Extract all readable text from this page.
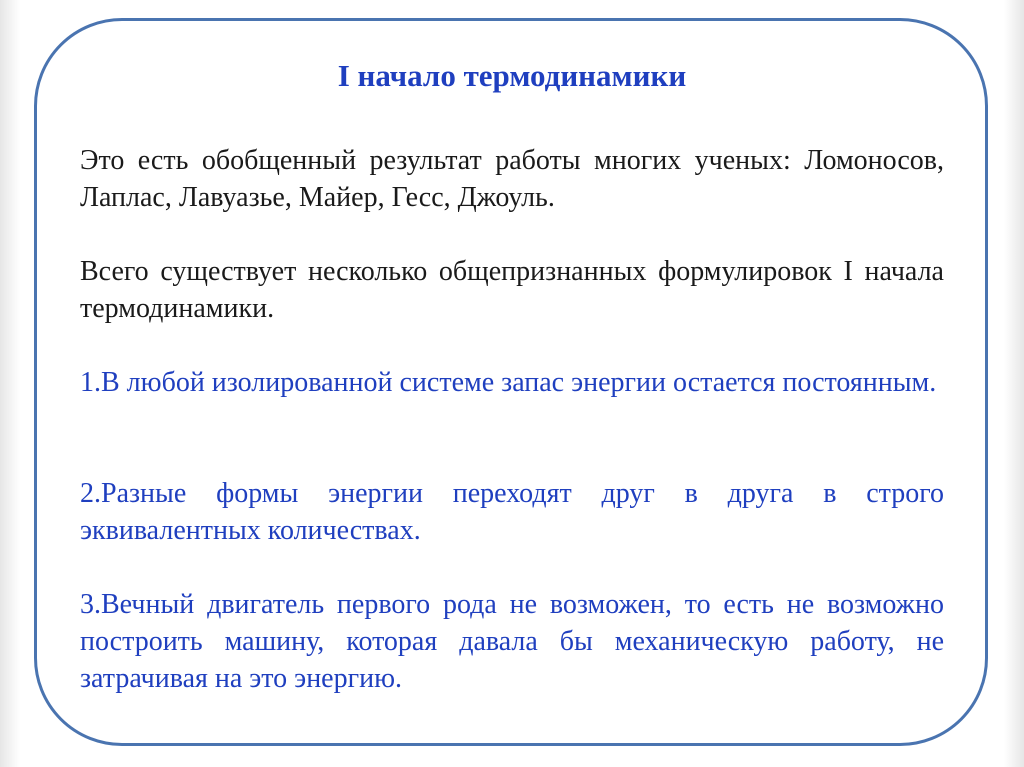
I начало термодинамики

Это есть обобщенный результат работы многих ученых: Ломоносов, Лаплас, Лавуазье, Майер, Гесс, Джоуль.

Всего существует несколько общепризнанных формулировок I начала термодинамики.

1.В любой изолированной системе запас энергии остается постоянным.

2.Разные формы энергии переходят друг в друга в строго эквивалентных количествах.

3.Вечный двигатель первого рода не возможен, то есть не возможно построить машину, которая давала бы механическую работу, не затрачивая на это энергию.
